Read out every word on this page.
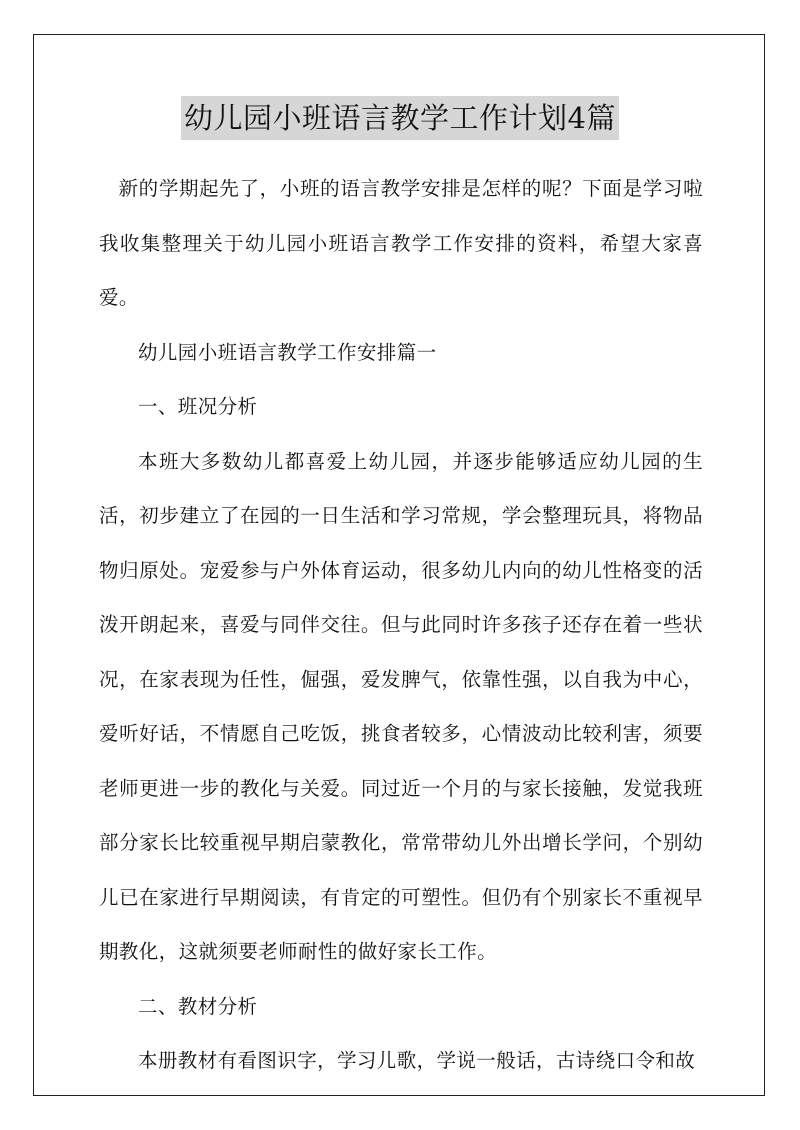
幼儿园小班语言教学工作计划4篇

新的学期起先了，小班的语言教学安排是怎样的呢？下面是学习啦我收集整理关于幼儿园小班语言教学工作安排的资料，希望大家喜爱。

幼儿园小班语言教学工作安排篇一

一、班况分析

本班大多数幼儿都喜爱上幼儿园，并逐步能够适应幼儿园的生活，初步建立了在园的一日生活和学习常规，学会整理玩具，将物品物归原处。宠爱参与户外体育运动，很多幼儿内向的幼儿性格变的活泼开朗起来，喜爱与同伴交往。但与此同时许多孩子还存在着一些状况，在家表现为任性，倔强，爱发脾气，依靠性强，以自我为中心，爱听好话，不情愿自己吃饭，挑食者较多，心情波动比较利害，须要老师更进一步的教化与关爱。同过近一个月的与家长接触，发觉我班部分家长比较重视早期启蒙教化，常常带幼儿外出增长学问，个别幼儿已在家进行早期阅读，有肯定的可塑性。但仍有个别家长不重视早期教化，这就须要老师耐性的做好家长工作。

二、教材分析

本册教材有看图识字，学习儿歌，学说一般话，古诗绕口令和故
